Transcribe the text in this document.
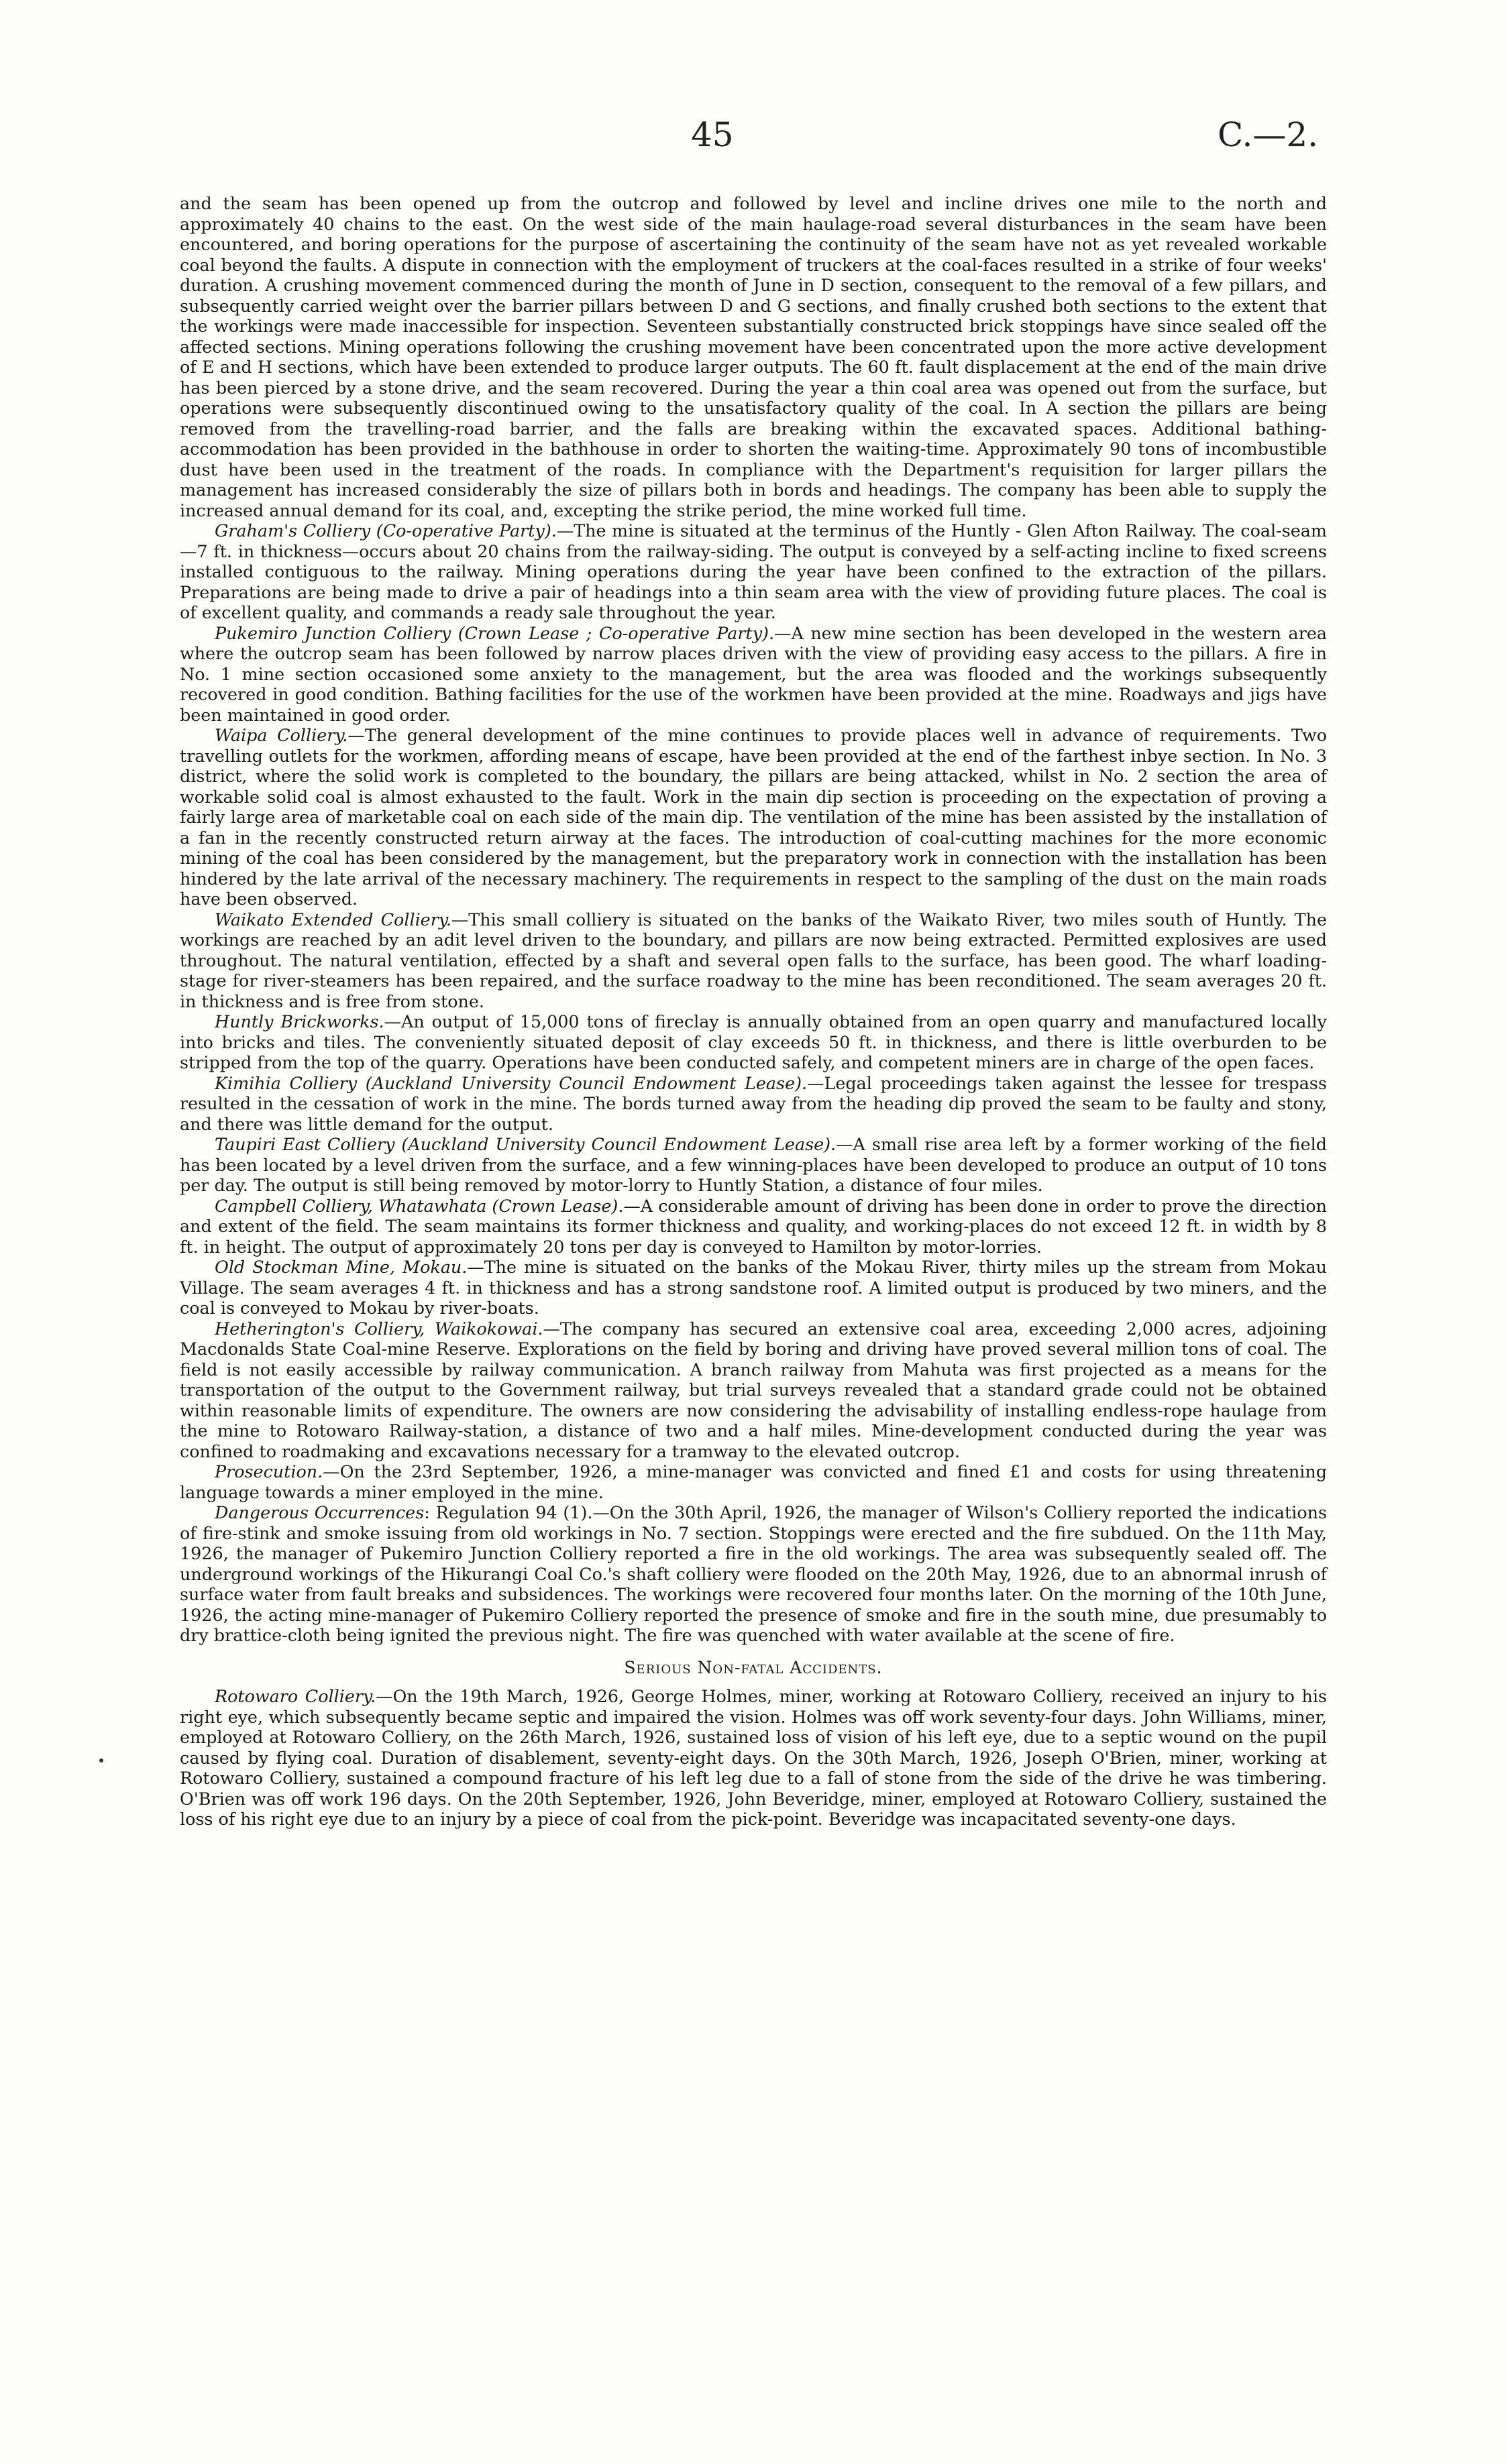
45	C.—2.

and the seam has been opened up from the outcrop and followed by level and incline drives one mile to the north and approximately 40 chains to the east. On the west side of the main haulage-road several disturbances in the seam have been encountered, and boring operations for the purpose of ascertaining the continuity of the seam have not as yet revealed workable coal beyond the faults. A dispute in connection with the employment of truckers at the coal-faces resulted in a strike of four weeks' duration. A crushing movement commenced during the month of June in D section, consequent to the removal of a few pillars, and subsequently carried weight over the barrier pillars between D and G sections, and finally crushed both sections to the extent that the workings were made inaccessible for inspection. Seventeen substantially constructed brick stoppings have since sealed off the affected sections. Mining operations following the crushing movement have been concentrated upon the more active development of E and H sections, which have been extended to produce larger outputs. The 60 ft. fault displacement at the end of the main drive has been pierced by a stone drive, and the seam recovered. During the year a thin coal area was opened out from the surface, but operations were subsequently discontinued owing to the unsatisfactory quality of the coal. In A section the pillars are being removed from the travelling-road barrier, and the falls are breaking within the excavated spaces. Additional bathing-accommodation has been provided in the bathhouse in order to shorten the waiting-time. Approximately 90 tons of incombustible dust have been used in the treatment of the roads. In compliance with the Department's requisition for larger pillars the management has increased considerably the size of pillars both in bords and headings. The company has been able to supply the increased annual demand for its coal, and, excepting the strike period, the mine worked full time.

Graham's Colliery (Co-operative Party).—The mine is situated at the terminus of the Huntly - Glen Afton Railway. The coal-seam—7 ft. in thickness—occurs about 20 chains from the railway-siding. The output is conveyed by a self-acting incline to fixed screens installed contiguous to the railway. Mining operations during the year have been confined to the extraction of the pillars. Preparations are being made to drive a pair of headings into a thin seam area with the view of providing future places. The coal is of excellent quality, and commands a ready sale throughout the year.

Pukemiro Junction Colliery (Crown Lease ; Co-operative Party).—A new mine section has been developed in the western area where the outcrop seam has been followed by narrow places driven with the view of providing easy access to the pillars. A fire in No. 1 mine section occasioned some anxiety to the management, but the area was flooded and the workings subsequently recovered in good condition. Bathing facilities for the use of the workmen have been provided at the mine. Roadways and jigs have been maintained in good order.

Waipa Colliery.—The general development of the mine continues to provide places well in advance of requirements. Two travelling outlets for the workmen, affording means of escape, have been provided at the end of the farthest inbye section. In No. 3 district, where the solid work is completed to the boundary, the pillars are being attacked, whilst in No. 2 section the area of workable solid coal is almost exhausted to the fault. Work in the main dip section is proceeding on the expectation of proving a fairly large area of marketable coal on each side of the main dip. The ventilation of the mine has been assisted by the installation of a fan in the recently constructed return airway at the faces. The introduction of coal-cutting machines for the more economic mining of the coal has been considered by the management, but the preparatory work in connection with the installation has been hindered by the late arrival of the necessary machinery. The requirements in respect to the sampling of the dust on the main roads have been observed.

Waikato Extended Colliery.—This small colliery is situated on the banks of the Waikato River, two miles south of Huntly. The workings are reached by an adit level driven to the boundary, and pillars are now being extracted. Permitted explosives are used throughout. The natural ventilation, effected by a shaft and several open falls to the surface, has been good. The wharf loading-stage for river-steamers has been repaired, and the surface roadway to the mine has been reconditioned. The seam averages 20 ft. in thickness and is free from stone.

Huntly Brickworks.—An output of 15,000 tons of fireclay is annually obtained from an open quarry and manufactured locally into bricks and tiles. The conveniently situated deposit of clay exceeds 50 ft. in thickness, and there is little overburden to be stripped from the top of the quarry. Operations have been conducted safely, and competent miners are in charge of the open faces.

Kimihia Colliery (Auckland University Council Endowment Lease).—Legal proceedings taken against the lessee for trespass resulted in the cessation of work in the mine. The bords turned away from the heading dip proved the seam to be faulty and stony, and there was little demand for the output.

Taupiri East Colliery (Auckland University Council Endowment Lease).—A small rise area left by a former working of the field has been located by a level driven from the surface, and a few winning-places have been developed to produce an output of 10 tons per day. The output is still being removed by motor-lorry to Huntly Station, a distance of four miles.

Campbell Colliery, Whatawhata (Crown Lease).—A considerable amount of driving has been done in order to prove the direction and extent of the field. The seam maintains its former thickness and quality, and working-places do not exceed 12 ft. in width by 8 ft. in height. The output of approximately 20 tons per day is conveyed to Hamilton by motor-lorries.

Old Stockman Mine, Mokau.—The mine is situated on the banks of the Mokau River, thirty miles up the stream from Mokau Village. The seam averages 4 ft. in thickness and has a strong sandstone roof. A limited output is produced by two miners, and the coal is conveyed to Mokau by river-boats.

Hetherington's Colliery, Waikokowai.—The company has secured an extensive coal area, exceeding 2,000 acres, adjoining Macdonalds State Coal-mine Reserve. Explorations on the field by boring and driving have proved several million tons of coal. The field is not easily accessible by railway communication. A branch railway from Mahuta was first projected as a means for the transportation of the output to the Government railway, but trial surveys revealed that a standard grade could not be obtained within reasonable limits of expenditure. The owners are now considering the advisability of installing endless-rope haulage from the mine to Rotowaro Railway-station, a distance of two and a half miles. Mine-development conducted during the year was confined to roadmaking and excavations necessary for a tramway to the elevated outcrop.

Prosecution.—On the 23rd September, 1926, a mine-manager was convicted and fined £1 and costs for using threatening language towards a miner employed in the mine.

Dangerous Occurrences: Regulation 94 (1).—On the 30th April, 1926, the manager of Wilson's Colliery reported the indications of fire-stink and smoke issuing from old workings in No. 7 section. Stoppings were erected and the fire subdued. On the 11th May, 1926, the manager of Pukemiro Junction Colliery reported a fire in the old workings. The area was subsequently sealed off. The underground workings of the Hikurangi Coal Co.'s shaft colliery were flooded on the 20th May, 1926, due to an abnormal inrush of surface water from fault breaks and subsidences. The workings were recovered four months later. On the morning of the 10th June, 1926, the acting mine-manager of Pukemiro Colliery reported the presence of smoke and fire in the south mine, due presumably to dry brattice-cloth being ignited the previous night. The fire was quenched with water available at the scene of fire.

Serious Non-fatal Accidents.

Rotowaro Colliery.—On the 19th March, 1926, George Holmes, miner, working at Rotowaro Colliery, received an injury to his right eye, which subsequently became septic and impaired the vision. Holmes was off work seventy-four days. John Williams, miner, employed at Rotowaro Colliery, on the 26th March, 1926, sustained loss of vision of his left eye, due to a septic wound on the pupil caused by flying coal. Duration of disablement, seventy-eight days. On the 30th March, 1926, Joseph O'Brien, miner, working at Rotowaro Colliery, sustained a compound fracture of his left leg due to a fall of stone from the side of the drive he was timbering. O'Brien was off work 196 days. On the 20th September, 1926, John Beveridge, miner, employed at Rotowaro Colliery, sustained the loss of his right eye due to an injury by a piece of coal from the pick-point. Beveridge was incapacitated seventy-one days.
